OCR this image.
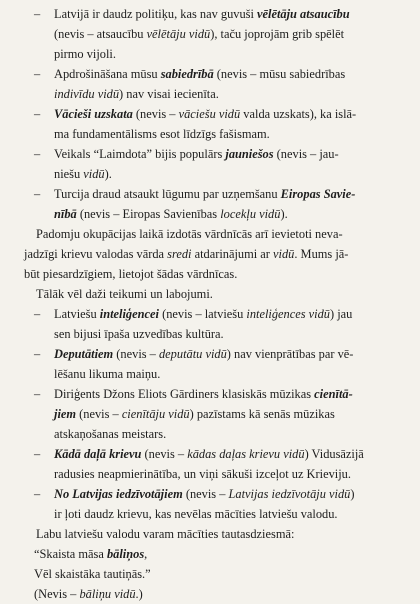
– Latvijā ir daudz politiķu, kas nav guvuši vēlētāju atsaucību
(nevis – atsaucību vēlētāju vidū), taču joprojām grib spēlēt
pirmo vijoli.
– Apdrošināšana mūsu sabiedrībā (nevis – mūsu sabiedrības
indivīdu vidū) nav visai iecienīta.
– Vācieši uzskata (nevis – vāciešu vidū valda uzskats), ka islā-
ma fundamentālisms esot līdzīgs fašismam.
– Veikals “Laimdota” bijis populārs jauniešos (nevis – jau-
niešu vidū).
– Turcija draud atsaukt lūgumu par uzņemšanu Eiropas Savie-
nībā (nevis – Eiropas Savienības locekļu vidū).
Padomju okupācijas laikā izdotās vārdnīcās arī ievietoti neva-
jadzīgi krievu valodas vārda sredi atdarinājumi ar vidū. Mums jā-
būt piesardzīgiem, lietojot šādas vārdnīcas.
Tālāk vēl daži teikumi un labojumi.
– Latviešu inteliģencei (nevis – latviešu inteliģences vidū) jau
sen bijusi īpaša uzvedības kultūra.
– Deputātiem (nevis – deputātu vidū) nav vienprātības par vē-
lēšanu likuma maiņu.
– Diriģents Džons Eliots Gārdiners klasiskās mūzikas cienītā-
jiem (nevis – cienītāju vidū) pazīstams kā senās mūzikas
atskaņošanas meistars.
– Kādā daļā krievu (nevis – kādas daļas krievu vidū) Vidusāzijā
radusies neapmierinātība, un viņi sākuši izceļot uz Krieviju.
– No Latvijas iedzīvotājiem (nevis – Latvijas iedzīvotāju vidū)
ir ļoti daudz krievu, kas nevēlas mācīties latviešu valodu.
Labu latviešu valodu varam mācīties tautasdziesmā:
“Skaista māsa bāliņos,
Vēl skaistāka tautiņās.”
(Nevis – bāliņu vidū.)
